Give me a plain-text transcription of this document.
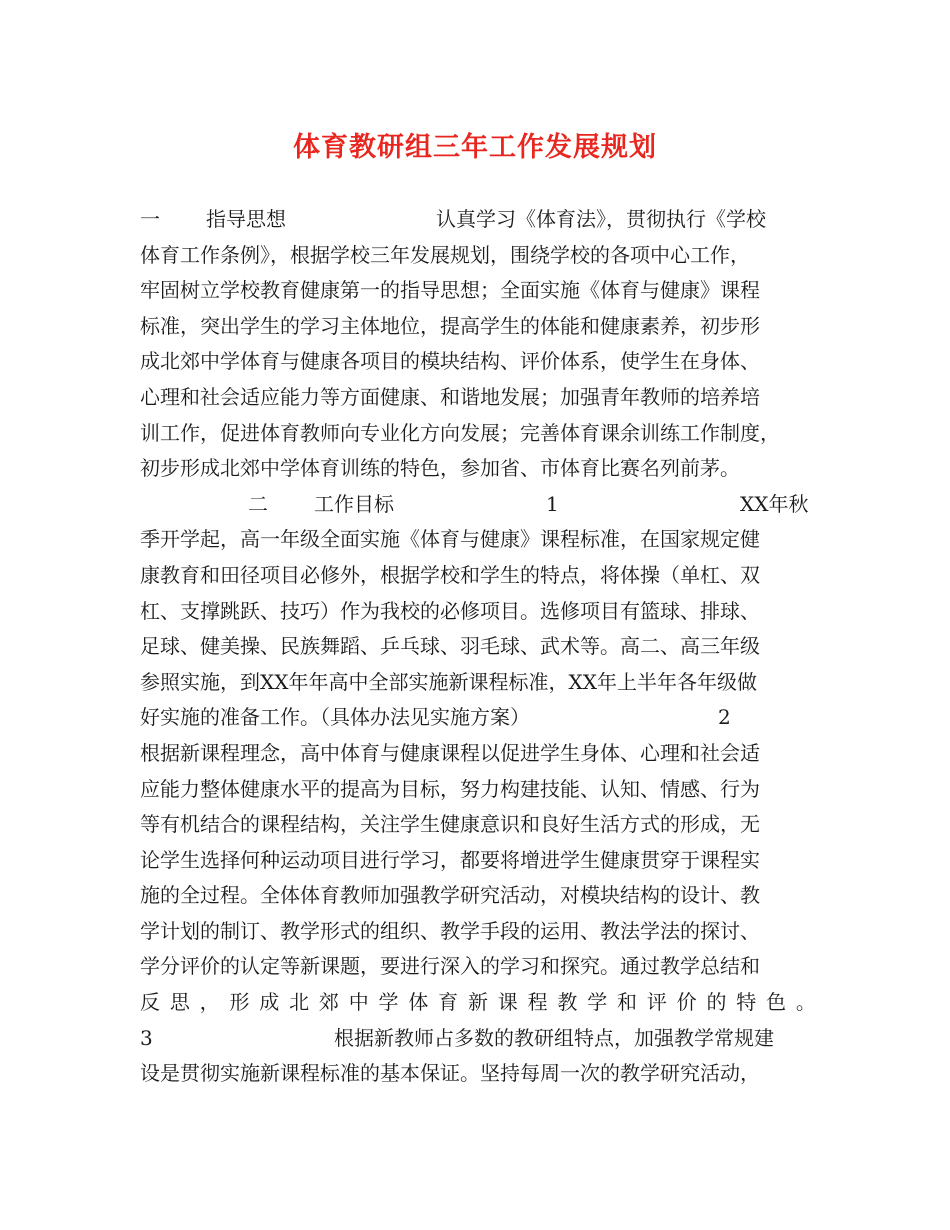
体育教研组三年工作发展规划
一 指导思想	认真学习《体育法》，贯彻执行《学校
体育工作条例》，根据学校三年发展规划，围绕学校的各项中心工作，
牢固树立学校教育健康第一的指导思想；全面实施《体育与健康》课程
标准，突出学生的学习主体地位，提高学生的体能和健康素养，初步形
成北郊中学体育与健康各项目的模块结构、评价体系，使学生在身体、
心理和社会适应能力等方面健康、和谐地发展；加强青年教师的培养培
训工作，促进体育教师向专业化方向发展；完善体育课余训练工作制度，
初步形成北郊中学体育训练的特色，参加省、市体育比赛名列前茅。
二 工作目标	1	XX年秋
季开学起，高一年级全面实施《体育与健康》课程标准，在国家规定健
康教育和田径项目必修外，根据学校和学生的特点，将体操（单杠、双
杠、支撑跳跃、技巧）作为我校的必修项目。选修项目有篮球、排球、
足球、健美操、民族舞蹈、乒乓球、羽毛球、武术等。高二、高三年级
参照实施，到XX年年高中全部实施新课程标准，XX年上半年各年级做
好实施的准备工作。（具体办法见实施方案）	2
根据新课程理念，高中体育与健康课程以促进学生身体、心理和社会适
应能力整体健康水平的提高为目标，努力构建技能、认知、情感、行为
等有机结合的课程结构，关注学生健康意识和良好生活方式的形成，无
论学生选择何种运动项目进行学习，都要将增进学生健康贯穿于课程实
施的全过程。全体体育教师加强教学研究活动，对模块结构的设计、教
学计划的制订、教学形式的组织、教学手段的运用、教法学法的探讨、
学分评价的认定等新课题，要进行深入的学习和探究。通过教学总结和
反 思 ， 形 成 北 郊 中 学 体 育 新 课 程 教 学 和 评 价 的 特 色 。
3	根据新教师占多数的教研组特点，加强教学常规建
设是贯彻实施新课程标准的基本保证。坚持每周一次的教学研究活动，
